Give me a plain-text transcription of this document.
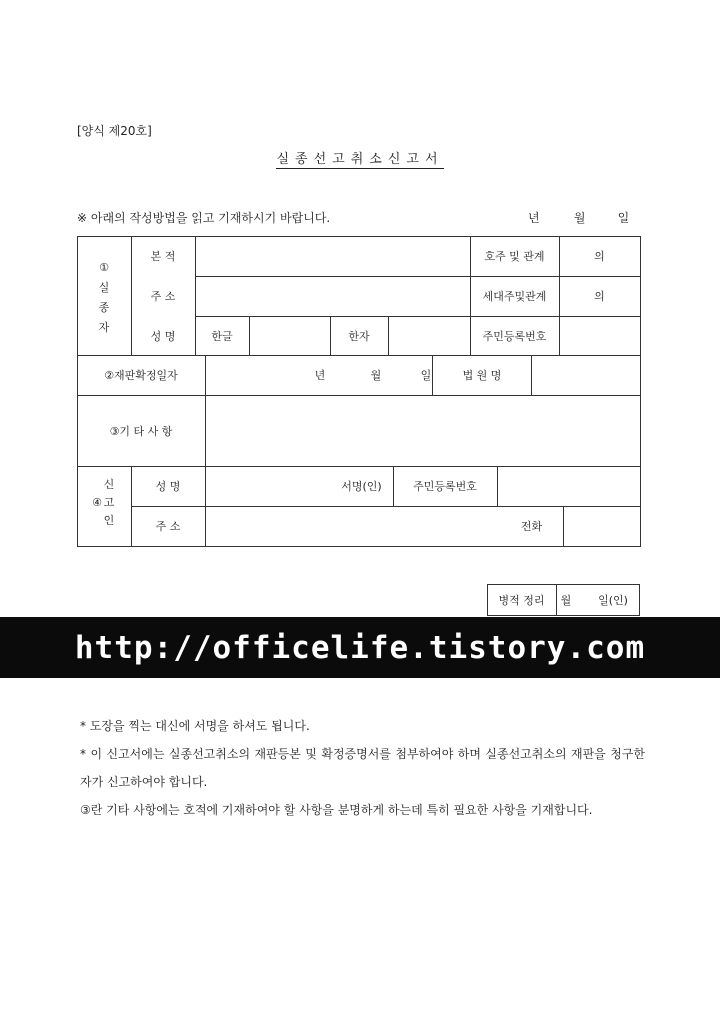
[양식 제20호]
실종선고취소신고서
※ 아래의 작성방법을 읽고 기재하시기 바랍니다.	년	월	일
①
실종자
본 적	호주 및 관계	의
주 소	세대주및관계	의
성 명	한글	한자	주민등록번호
②재판확정일자	년	월	일	법 원 명
③기 타 사 항
④
신고인
성 명	서명(인)	주민등록번호
주 소	전화
병적 정리	월	일(인)
http://officelife.tistory.com

* 도장을 찍는 대신에 서명을 하셔도 됩니다.

* 이 신고서에는 실종선고취소의 재판등본 및 확정증명서를 첨부하여야 하며 실종선고취소의 재판을 청구한 자가 신고하여야 합니다.

③란 기타 사항에는 호적에 기재하여야 할 사항을 분명하게 하는데 특히 필요한 사항을 기재합니다.
